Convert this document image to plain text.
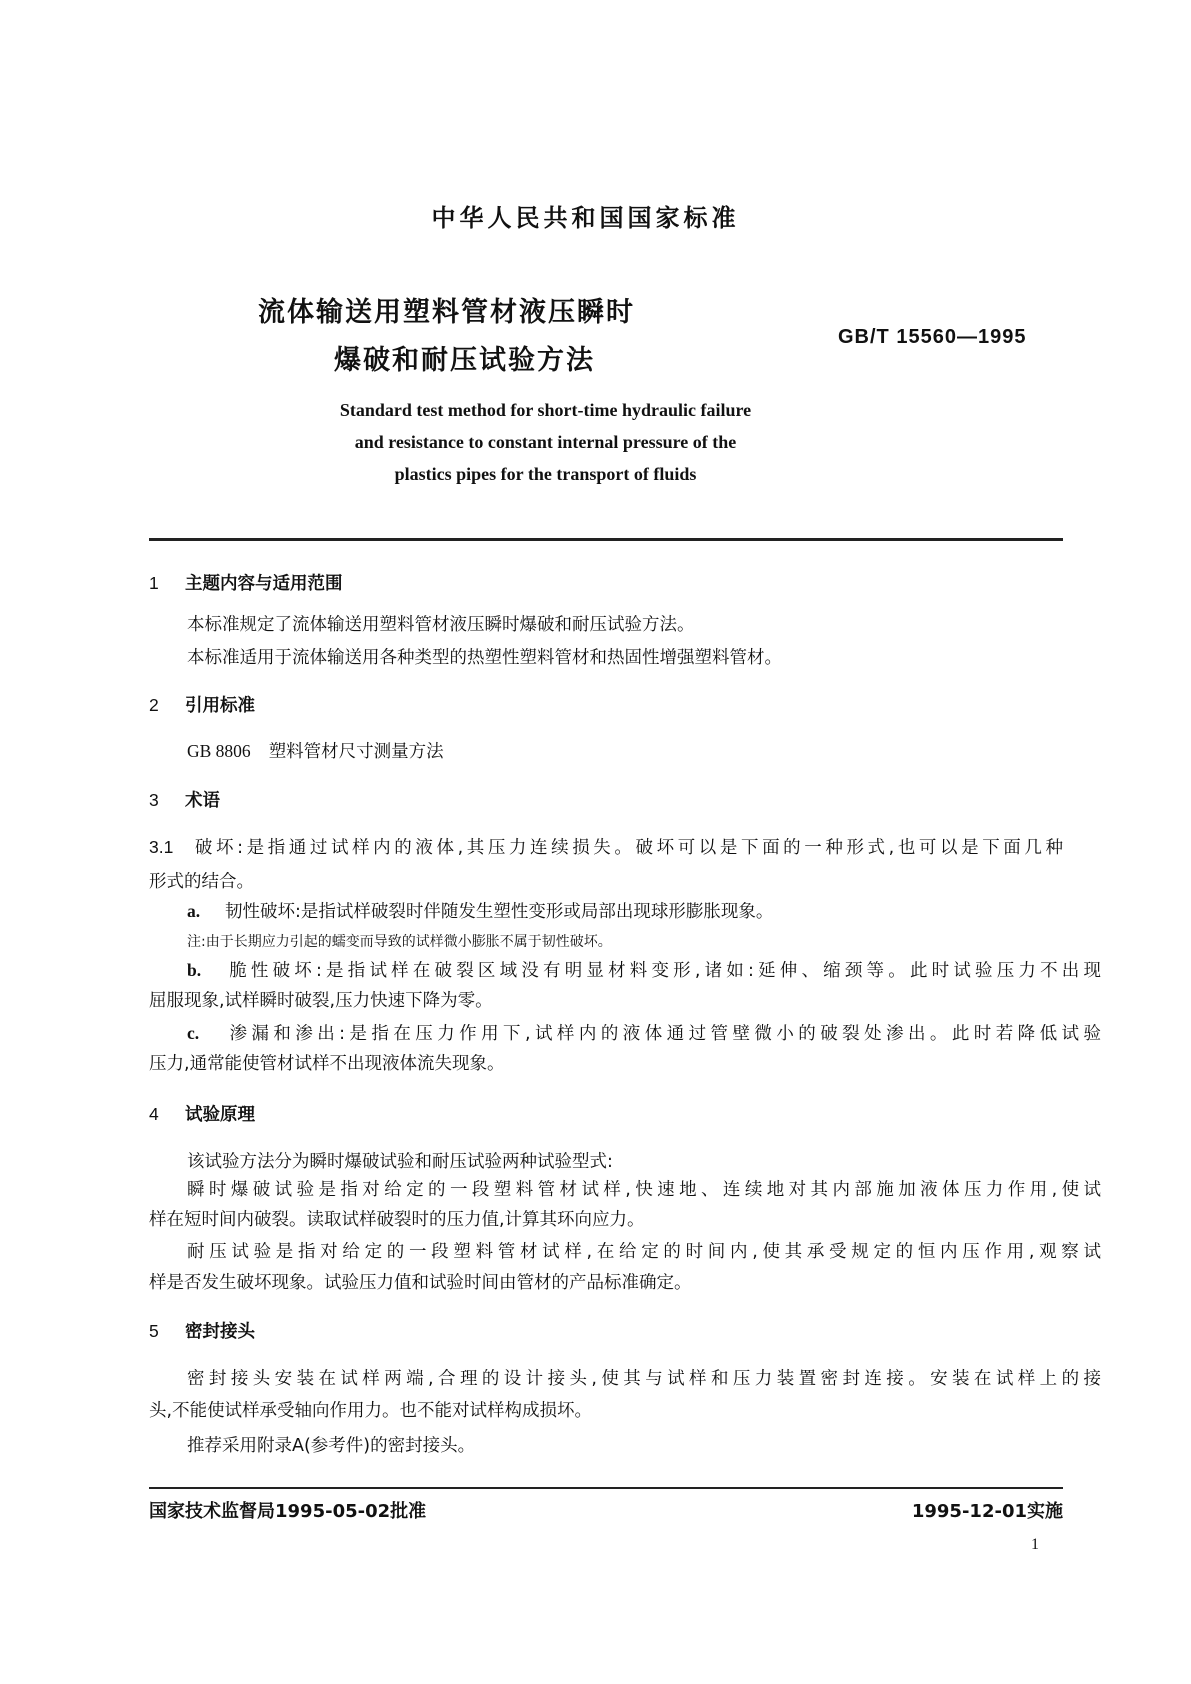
中华人民共和国国家标准
流体输送用塑料管材液压瞬时
爆破和耐压试验方法
GB/T 15560—1995
Standard test method for short-time hydraulic failure
and resistance to constant internal pressure of the
plastics pipes for the transport of fluids
1 主题内容与适用范围
本标准规定了流体输送用塑料管材液压瞬时爆破和耐压试验方法。
本标准适用于流体输送用各种类型的热塑性塑料管材和热固性增强塑料管材。
2 引用标准
GB 8806 塑料管材尺寸测量方法
3 术语
3.1 破坏:是指通过试样内的液体,其压力连续损失。破坏可以是下面的一种形式,也可以是下面几种
形式的结合。
a. 韧性破坏:是指试样破裂时伴随发生塑性变形或局部出现球形膨胀现象。
注:由于长期应力引起的蠕变而导致的试样微小膨胀不属于韧性破坏。
b. 脆性破坏:是指试样在破裂区域没有明显材料变形,诸如:延伸、缩颈等。此时试验压力不出现
屈服现象,试样瞬时破裂,压力快速下降为零。
c. 渗漏和渗出:是指在压力作用下,试样内的液体通过管壁微小的破裂处渗出。此时若降低试验
压力,通常能使管材试样不出现液体流失现象。
4 试验原理
该试验方法分为瞬时爆破试验和耐压试验两种试验型式:
瞬时爆破试验是指对给定的一段塑料管材试样,快速地、连续地对其内部施加液体压力作用,使试
样在短时间内破裂。读取试样破裂时的压力值,计算其环向应力。
耐压试验是指对给定的一段塑料管材试样,在给定的时间内,使其承受规定的恒内压作用,观察试
样是否发生破坏现象。试验压力值和试验时间由管材的产品标准确定。
5 密封接头
密封接头安装在试样两端,合理的设计接头,使其与试样和压力装置密封连接。安装在试样上的接
头,不能使试样承受轴向作用力。也不能对试样构成损坏。
推荐采用附录A(参考件)的密封接头。
国家技术监督局1995-05-02批准	1995-12-01实施
1
